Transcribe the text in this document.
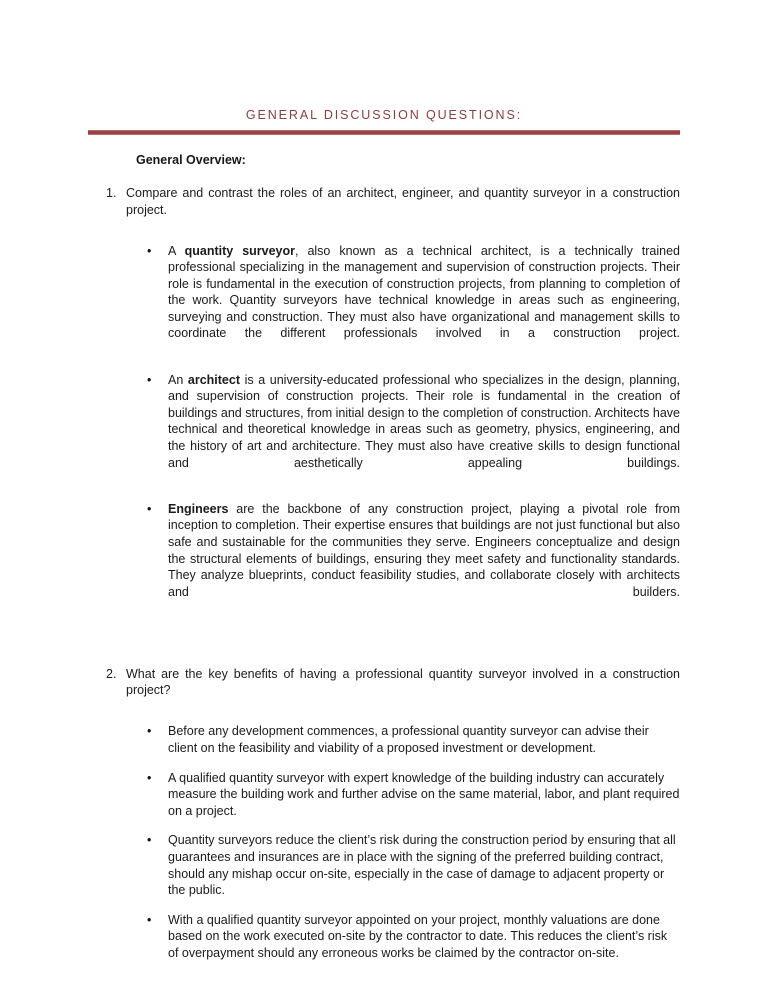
GENERAL DISCUSSION QUESTIONS:
General Overview:
1. Compare and contrast the roles of an architect, engineer, and quantity surveyor in a construction project.
• A quantity surveyor, also known as a technical architect, is a technically trained professional specializing in the management and supervision of construction projects. Their role is fundamental in the execution of construction projects, from planning to completion of the work. Quantity surveyors have technical knowledge in areas such as engineering, surveying and construction. They must also have organizational and management skills to coordinate the different professionals involved in a construction project.
• An architect is a university-educated professional who specializes in the design, planning, and supervision of construction projects. Their role is fundamental in the creation of buildings and structures, from initial design to the completion of construction. Architects have technical and theoretical knowledge in areas such as geometry, physics, engineering, and the history of art and architecture. They must also have creative skills to design functional and aesthetically appealing buildings.
• Engineers are the backbone of any construction project, playing a pivotal role from inception to completion. Their expertise ensures that buildings are not just functional but also safe and sustainable for the communities they serve. Engineers conceptualize and design the structural elements of buildings, ensuring they meet safety and functionality standards. They analyze blueprints, conduct feasibility studies, and collaborate closely with architects and builders.
2. What are the key benefits of having a professional quantity surveyor involved in a construction project?
• Before any development commences, a professional quantity surveyor can advise their client on the feasibility and viability of a proposed investment or development.
• A qualified quantity surveyor with expert knowledge of the building industry can accurately measure the building work and further advise on the same material, labor, and plant required on a project.
• Quantity surveyors reduce the client’s risk during the construction period by ensuring that all guarantees and insurances are in place with the signing of the preferred building contract, should any mishap occur on-site, especially in the case of damage to adjacent property or the public.
• With a qualified quantity surveyor appointed on your project, monthly valuations are done based on the work executed on-site by the contractor to date. This reduces the client’s risk of overpayment should any erroneous works be claimed by the contractor on-site.
